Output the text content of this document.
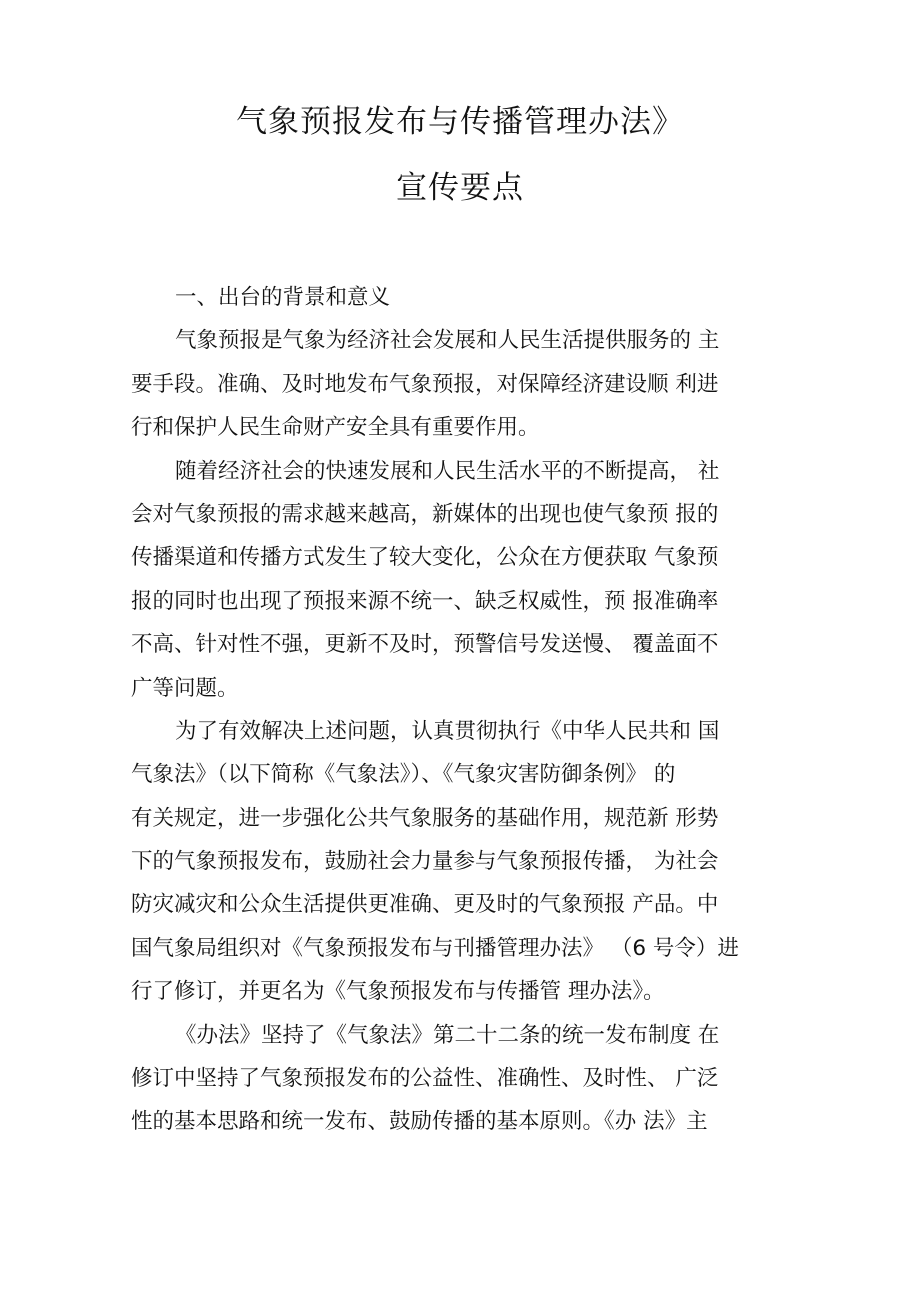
气象预报发布与传播管理办法》
宣传要点
一、出台的背景和意义
气象预报是气象为经济社会发展和人民生活提供服务的 主
要手段。准确、及时地发布气象预报，对保障经济建设顺 利进
行和保护人民生命财产安全具有重要作用。
随着经济社会的快速发展和人民生活水平的不断提高， 社
会对气象预报的需求越来越高，新媒体的出现也使气象预 报的
传播渠道和传播方式发生了较大变化，公众在方便获取 气象预
报的同时也出现了预报来源不统一、缺乏权威性，预 报准确率
不高、针对性不强，更新不及时，预警信号发送慢、 覆盖面不
广等问题。
为了有效解决上述问题，认真贯彻执行《中华人民共和 国
气象法》（以下简称《气象法》）、《气象灾害防御条例》 的
有关规定，进一步强化公共气象服务的基础作用，规范新 形势
下的气象预报发布，鼓励社会力量参与气象预报传播， 为社会
防灾减灾和公众生活提供更准确、更及时的气象预报 产品。中
国气象局组织对《气象预报发布与刊播管理办法》 （6 号令）进
行了修订，并更名为《气象预报发布与传播管 理办法》。
《办法》坚持了《气象法》第二十二条的统一发布制度 在
修订中坚持了气象预报发布的公益性、准确性、及时性、 广泛
性的基本思路和统一发布、鼓励传播的基本原则。《办 法》主
